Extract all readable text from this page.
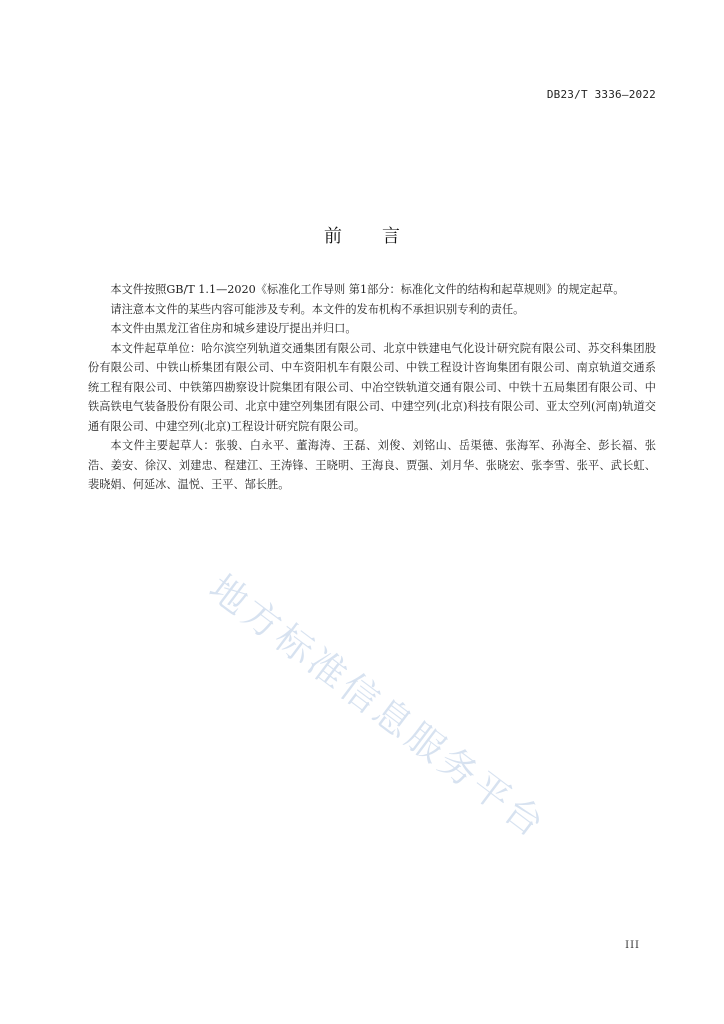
DB23/T 3336—2022
前言

本文件按照GB/T 1.1—2020《标准化工作导则 第1部分：标准化文件的结构和起草规则》的规定起草。

请注意本文件的某些内容可能涉及专利。本文件的发布机构不承担识别专利的责任。

本文件由黑龙江省住房和城乡建设厅提出并归口。

本文件起草单位：哈尔滨空列轨道交通集团有限公司、北京中铁建电气化设计研究院有限公司、苏交科集团股份有限公司、中铁山桥集团有限公司、中车资阳机车有限公司、中铁工程设计咨询集团有限公司、南京轨道交通系统工程有限公司、中铁第四勘察设计院集团有限公司、中冶空铁轨道交通有限公司、中铁十五局集团有限公司、中铁高铁电气装备股份有限公司、北京中建空列集团有限公司、中建空列(北京)科技有限公司、亚太空列(河南)轨道交通有限公司、中建空列(北京)工程设计研究院有限公司。

本文件主要起草人：张骏、白永平、董海涛、王磊、刘俊、刘铭山、岳渠德、张海军、孙海全、彭长福、张浩、姜安、徐汉、刘建忠、程建江、王涛锋、王晓明、王海良、贾强、刘月华、张晓宏、张李雪、张平、武长虹、裴晓娟、何延冰、温悦、王平、郜长胜。

地方标准信息服务平台
III
